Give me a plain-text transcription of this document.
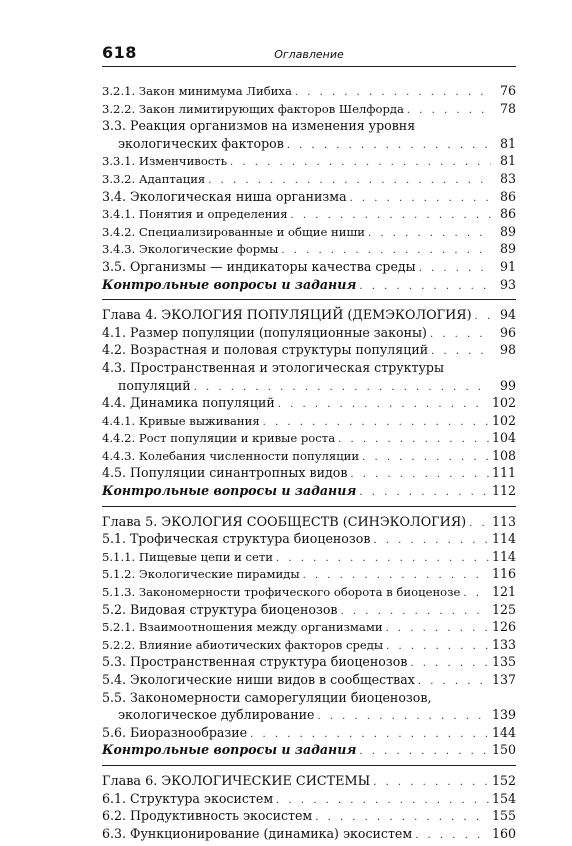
618	Оглавление
3.2.1. Закон минимума Либиха . . .	76
3.2.2. Закон лимитирующих факторов Шелфорда . . .	78
3.3. Реакция организмов на изменения уровня
экологических факторов . . .	81
3.3.1. Изменчивость . . .	81
3.3.2. Адаптация . . .	83
3.4. Экологическая ниша организма . . .	86
3.4.1. Понятия и определения . . .	86
3.4.2. Специализированные и общие ниши . . .	89
3.4.3. Экологические формы . . .	89
3.5. Организмы — индикаторы качества среды . . .	91
Контрольные вопросы и задания . . .	93
Глава 4. ЭКОЛОГИЯ ПОПУЛЯЦИЙ (ДЕМЭКОЛОГИЯ) . . .	94
4.1. Размер популяции (популяционные законы) . . .	96
4.2. Возрастная и половая структуры популяций . . .	98
4.3. Пространственная и этологическая структуры
популяций . . .	99
4.4. Динамика популяций . . .	102
4.4.1. Кривые выживания . . .	102
4.4.2. Рост популяции и кривые роста . . .	104
4.4.3. Колебания численности популяции . . .	108
4.5. Популяции синантропных видов . . .	111
Контрольные вопросы и задания . . .	112
Глава 5. ЭКОЛОГИЯ СООБЩЕСТВ (СИНЭКОЛОГИЯ) . . . 113
5.1. Трофическая структура биоценозов . . .	114
5.1.1. Пищевые цепи и сети . . .	114
5.1.2. Экологические пирамиды . . .	116
5.1.3. Закономерности трофического оборота в биоценозе . . .	121
5.2. Видовая структура биоценозов . . .	125
5.2.1. Взаимоотношения между организмами . . .	126
5.2.2. Влияние абиотических факторов среды . . .	133
5.3. Пространственная структура биоценозов . . .	135
5.4. Экологические ниши видов в сообществах . . .	137
5.5. Закономерности саморегуляции биоценозов,
экологическое дублирование . . .	139
5.6. Биоразнообразие . . .	144
Контрольные вопросы и задания . . .	150
Глава 6. ЭКОЛОГИЧЕСКИЕ СИСТЕМЫ . . .	152
6.1. Структура экосистем . . .	154
6.2. Продуктивность экосистем . . .	155
6.3. Функционирование (динамика) экосистем . . .	160
